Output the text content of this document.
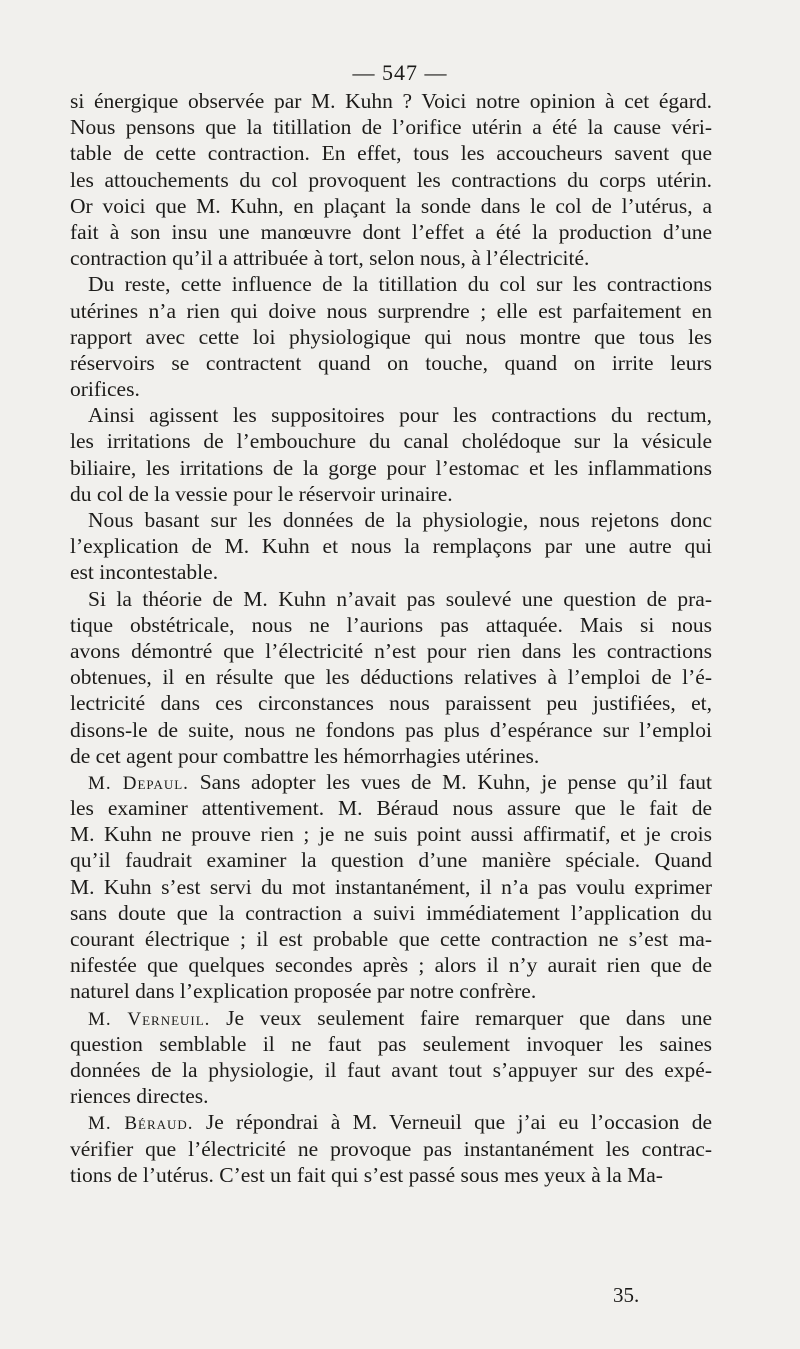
— 547 —
si énergique observée par M. Kuhn ? Voici notre opinion à cet égard.
Nous pensons que la titillation de l’orifice utérin a été la cause véri-
table de cette contraction. En effet, tous les accoucheurs savent que
les attouchements du col provoquent les contractions du corps utérin.
Or voici que M. Kuhn, en plaçant la sonde dans le col de l’utérus, a
fait à son insu une manœuvre dont l’effet a été la production d’une
contraction qu’il a attribuée à tort, selon nous, à l’électricité.
Du reste, cette influence de la titillation du col sur les contractions
utérines n’a rien qui doive nous surprendre ; elle est parfaitement en
rapport avec cette loi physiologique qui nous montre que tous les
réservoirs se contractent quand on touche, quand on irrite leurs
orifices.
Ainsi agissent les suppositoires pour les contractions du rectum,
les irritations de l’embouchure du canal cholédoque sur la vésicule
biliaire, les irritations de la gorge pour l’estomac et les inflammations
du col de la vessie pour le réservoir urinaire.
Nous basant sur les données de la physiologie, nous rejetons donc
l’explication de M. Kuhn et nous la remplaçons par une autre qui
est incontestable.
Si la théorie de M. Kuhn n’avait pas soulevé une question de pra-
tique obstétricale, nous ne l’aurions pas attaquée. Mais si nous
avons démontré que l’électricité n’est pour rien dans les contractions
obtenues, il en résulte que les déductions relatives à l’emploi de l’é-
lectricité dans ces circonstances nous paraissent peu justifiées, et,
disons-le de suite, nous ne fondons pas plus d’espérance sur l’emploi
de cet agent pour combattre les hémorrhagies utérines.
M. Depaul. Sans adopter les vues de M. Kuhn, je pense qu’il faut
les examiner attentivement. M. Béraud nous assure que le fait de
M. Kuhn ne prouve rien ; je ne suis point aussi affirmatif, et je crois
qu’il faudrait examiner la question d’une manière spéciale. Quand
M. Kuhn s’est servi du mot instantanément, il n’a pas voulu exprimer
sans doute que la contraction a suivi immédiatement l’application du
courant électrique ; il est probable que cette contraction ne s’est ma-
nifestée que quelques secondes après ; alors il n’y aurait rien que de
naturel dans l’explication proposée par notre confrère.
M. Verneuil. Je veux seulement faire remarquer que dans une
question semblable il ne faut pas seulement invoquer les saines
données de la physiologie, il faut avant tout s’appuyer sur des expé-
riences directes.
M. Béraud. Je répondrai à M. Verneuil que j’ai eu l’occasion de
vérifier que l’électricité ne provoque pas instantanément les contrac-
tions de l’utérus. C’est un fait qui s’est passé sous mes yeux à la Ma-
35.
